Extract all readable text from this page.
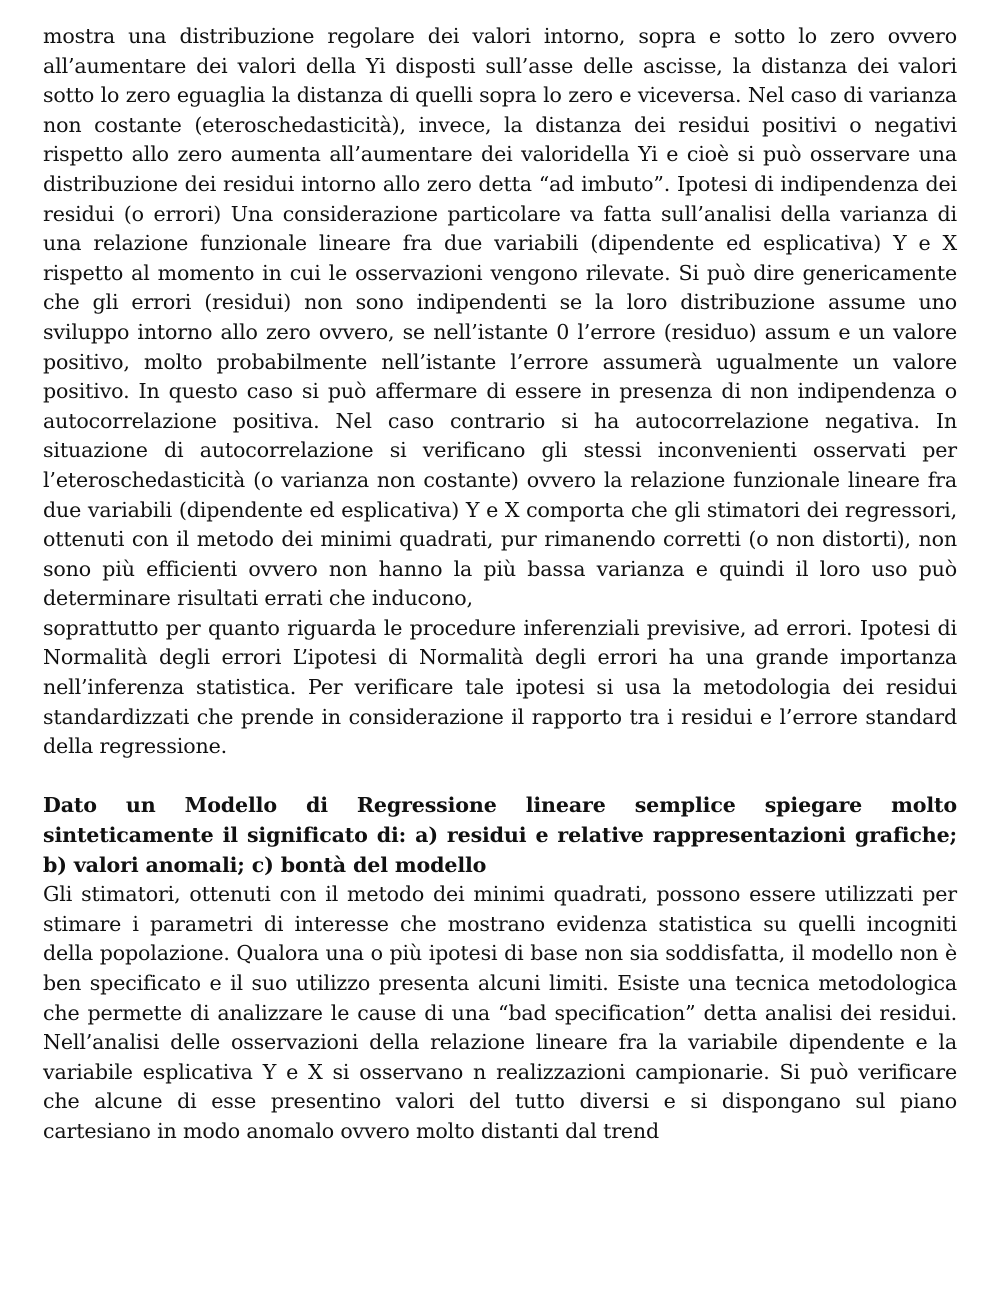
mostra una distribuzione regolare dei valori intorno, sopra e sotto lo zero ovvero all’aumentare dei valori della Yi disposti sull’asse delle ascisse, la distanza dei valori sotto lo zero eguaglia la distanza di quelli sopra lo zero e viceversa. Nel caso di varianza non costante (eteroschedasticità), invece, la distanza dei residui positivi o negativi rispetto allo zero aumenta all’aumentare dei valoridella Yi e cioè si può osservare una distribuzione dei residui intorno allo zero detta “ad imbuto”. Ipotesi di indipendenza dei residui (o errori) Una considerazione particolare va fatta sull’analisi della varianza di una relazione funzionale lineare fra due variabili (dipendente ed esplicativa) Y e X rispetto al momento in cui le osservazioni vengono rilevate. Si può dire genericamente che gli errori (residui) non sono indipendenti se la loro distribuzione assume uno sviluppo intorno allo zero ovvero, se nell’istante 0 l’errore (residuo) assum e un valore positivo, molto probabilmente nell’istante l’errore assumerà ugualmente un valore positivo. In questo caso si può affermare di essere in presenza di non indipendenza o autocorrelazione positiva. Nel caso contrario si ha autocorrelazione negativa. In situazione di autocorrelazione si verificano gli stessi inconvenienti osservati per l’eteroschedasticità (o varianza non costante) ovvero la relazione funzionale lineare fra due variabili (dipendente ed esplicativa) Y e X comporta che gli stimatori dei regressori, ottenuti con il metodo dei minimi quadrati, pur rimanendo corretti (o non distorti), non sono più efficienti ovvero non hanno la più bassa varianza e quindi il loro uso può determinare risultati errati che inducono,

soprattutto per quanto riguarda le procedure inferenziali previsive, ad errori. Ipotesi di Normalità degli errori L’ipotesi di Normalità degli errori ha una grande importanza nell’inferenza statistica. Per verificare tale ipotesi si usa la metodologia dei residui standardizzati che prende in considerazione il rapporto tra i residui e l’errore standard della regressione.

Dato un Modello di Regressione lineare semplice spiegare molto sinteticamente il significato di: a) residui e relative rappresentazioni grafiche; b) valori anomali; c) bontà del modello

Gli stimatori, ottenuti con il metodo dei minimi quadrati, possono essere utilizzati per stimare i parametri di interesse che mostrano evidenza statistica su quelli incogniti della popolazione. Qualora una o più ipotesi di base non sia soddisfatta, il modello non è ben specificato e il suo utilizzo presenta alcuni limiti. Esiste una tecnica metodologica che permette di analizzare le cause di una “bad specification” detta analisi dei residui. Nell’analisi delle osservazioni della relazione lineare fra la variabile dipendente e la variabile esplicativa Y e X si osservano n realizzazioni campionarie. Si può verificare che alcune di esse presentino valori del tutto diversi e si dispongano sul piano cartesiano in modo anomalo ovvero molto distanti dal trend
